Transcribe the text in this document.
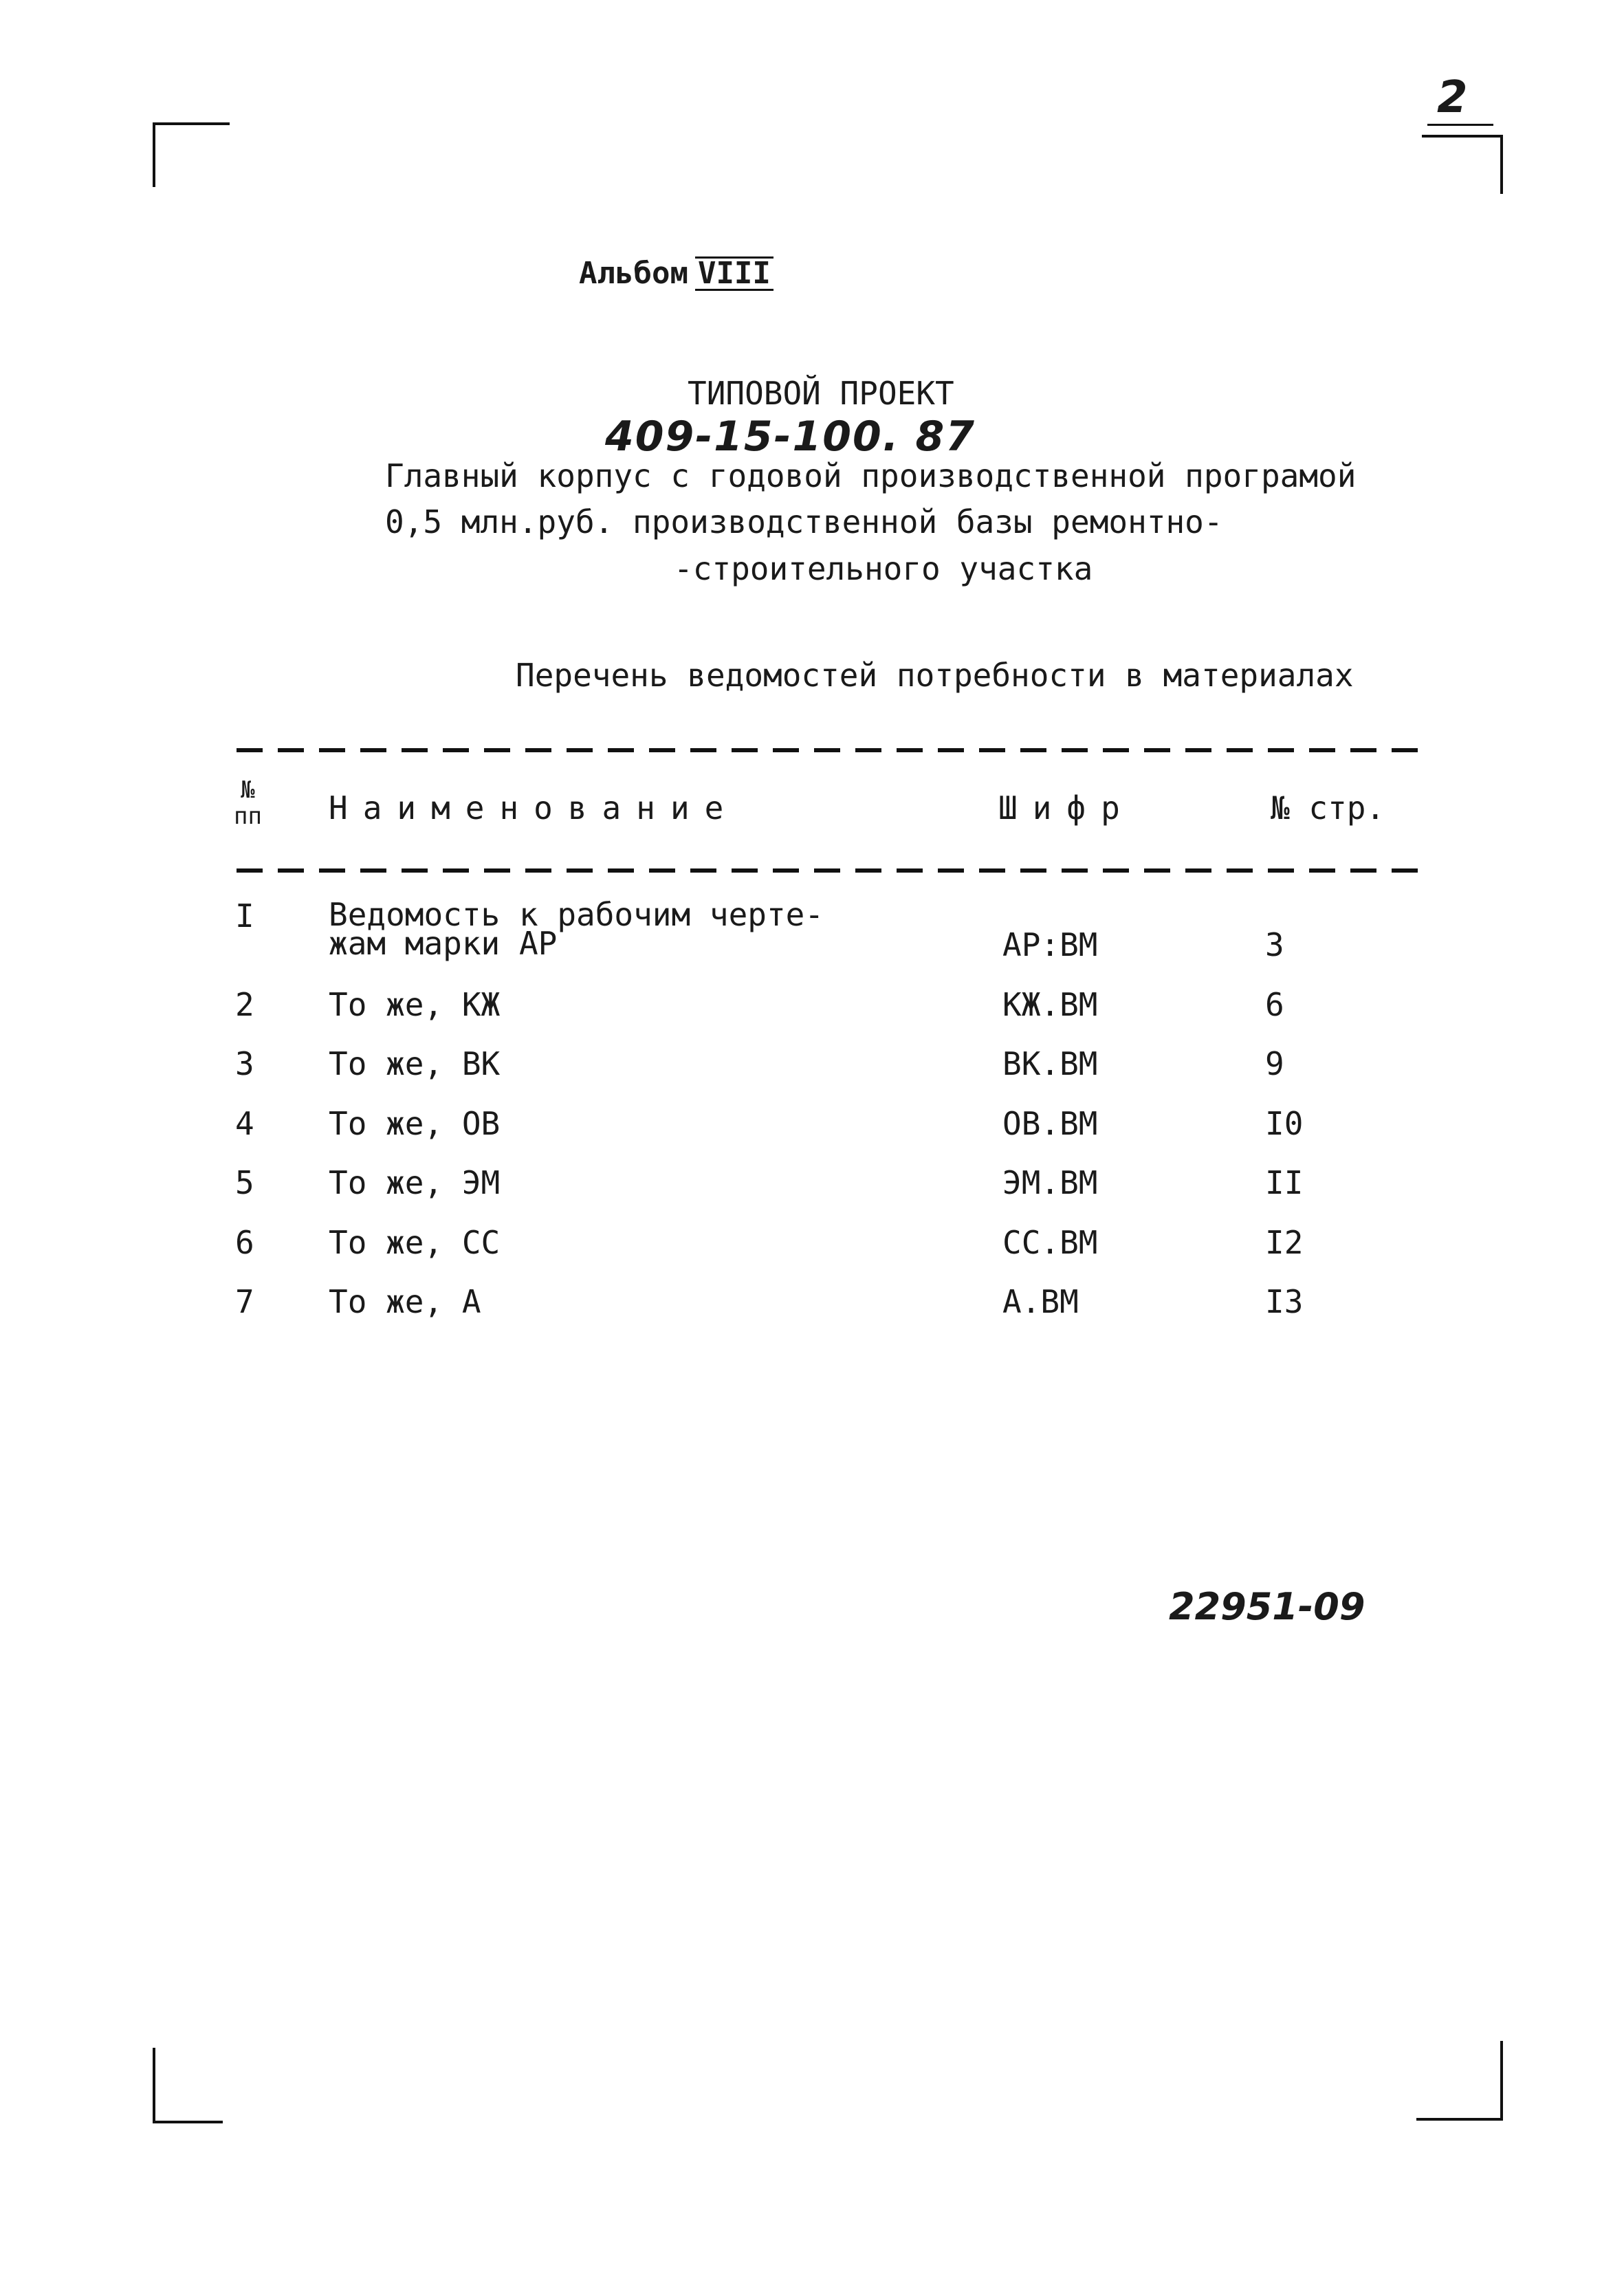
2
Альбом VIII
ТИПОВОЙ ПРОЕКТ
409-15-100. 87
Главный корпус с годовой производственной програмой
0,5 млн.руб. производственной базы ремонтно-
-строительного участка
Перечень ведомостей потребности в материалах
№
пп Наименование	Шифр	№ стр.
I Ведомость к рабочим черте-
жам марки АР	АР:ВМ	3
2 То же, КЖ	КЖ.ВМ	6
3 То же, ВК	ВК.ВМ	9
4 То же, ОВ	ОВ.ВМ	I0
5 То же, ЭМ	ЭМ.ВМ	II
6 То же, СС	СС.ВМ	I2
7 То же, А	А.ВМ	I3
22951-09
